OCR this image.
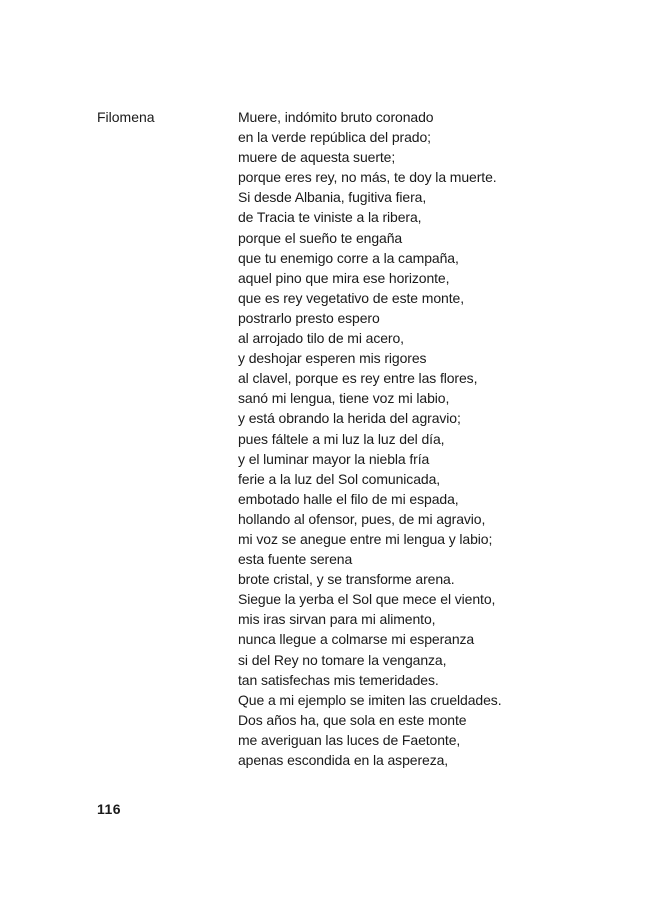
Filomena	Muere, indómito bruto coronado
en la verde república del prado;
muere de aquesta suerte;
porque eres rey, no más, te doy la muerte.
Si desde Albania, fugitiva fiera,
de Tracia te viniste a la ribera,
porque el sueño te engaña
que tu enemigo corre a la campaña,
aquel pino que mira ese horizonte,
que es rey vegetativo de este monte,
postrarlo presto espero
al arrojado tilo de mi acero,
y deshojar esperen mis rigores
al clavel, porque es rey entre las flores,
sanó mi lengua, tiene voz mi labio,
y está obrando la herida del agravio;
pues fáltele a mi luz la luz del día,
y el luminar mayor la niebla fría
ferie a la luz del Sol comunicada,
embotado halle el filo de mi espada,
hollando al ofensor, pues, de mi agravio,
mi voz se anegue entre mi lengua y labio;
esta fuente serena
brote cristal, y se transforme arena.
Siegue la yerba el Sol que mece el viento,
mis iras sirvan para mi alimento,
nunca llegue a colmarse mi esperanza
si del Rey no tomare la venganza,
tan satisfechas mis temeridades.
Que a mi ejemplo se imiten las crueldades.
Dos años ha, que sola en este monte
me averiguan las luces de Faetonte,
apenas escondida en la aspereza,
116
